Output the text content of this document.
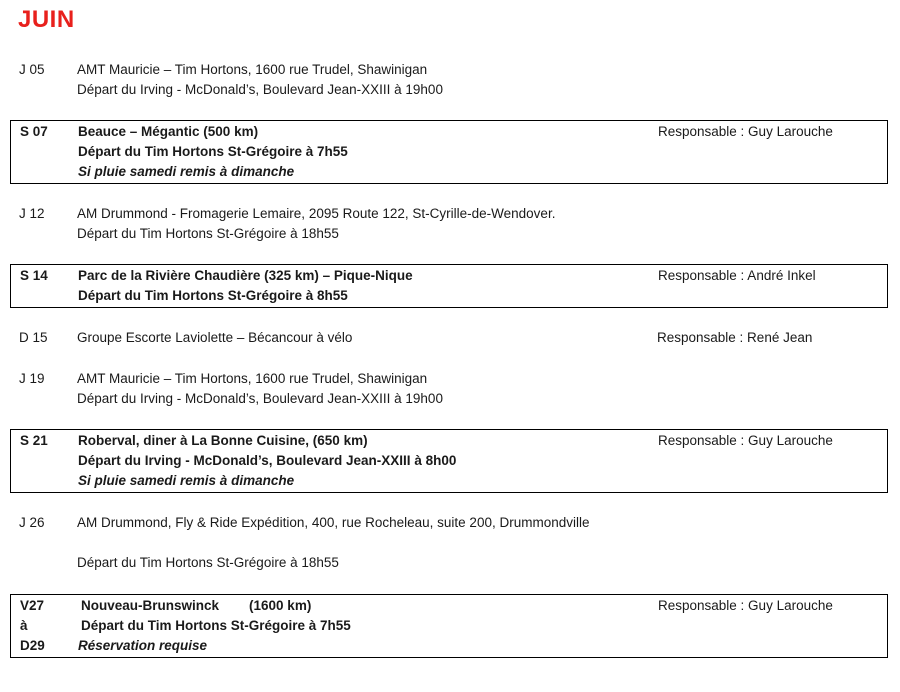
JUIN
J 05 AMT Mauricie – Tim Hortons, 1600 rue Trudel, Shawinigan
Départ du Irving - McDonald’s, Boulevard Jean-XXIII à 19h00
S 07 Beauce – Mégantic (500 km)	Responsable : Guy Larouche
Départ du Tim Hortons St-Grégoire à 7h55
Si pluie samedi remis à dimanche
J 12 AM Drummond - Fromagerie Lemaire, 2095 Route 122, St-Cyrille-de-Wendover.
Départ du Tim Hortons St-Grégoire à 18h55
S 14 Parc de la Rivière Chaudière (325 km) – Pique-Nique	Responsable : André Inkel
Départ du Tim Hortons St-Grégoire à 8h55
D 15 Groupe Escorte Laviolette – Bécancour à vélo	Responsable : René Jean
J 19 AMT Mauricie – Tim Hortons, 1600 rue Trudel, Shawinigan
Départ du Irving - McDonald’s, Boulevard Jean-XXIII à 19h00
S 21 Roberval, diner à La Bonne Cuisine, (650 km)	Responsable : Guy Larouche
Départ du Irving - McDonald’s, Boulevard Jean-XXIII à 8h00
Si pluie samedi remis à dimanche
J 26 AM Drummond, Fly & Ride Expédition, 400, rue Rocheleau, suite 200, Drummondville
Départ du Tim Hortons St-Grégoire à 18h55
V27	Nouveau-Brunswinck        (1600 km)	Responsable : Guy Larouche
à	Départ du Tim Hortons St-Grégoire à 7h55
D29 Réservation requise
